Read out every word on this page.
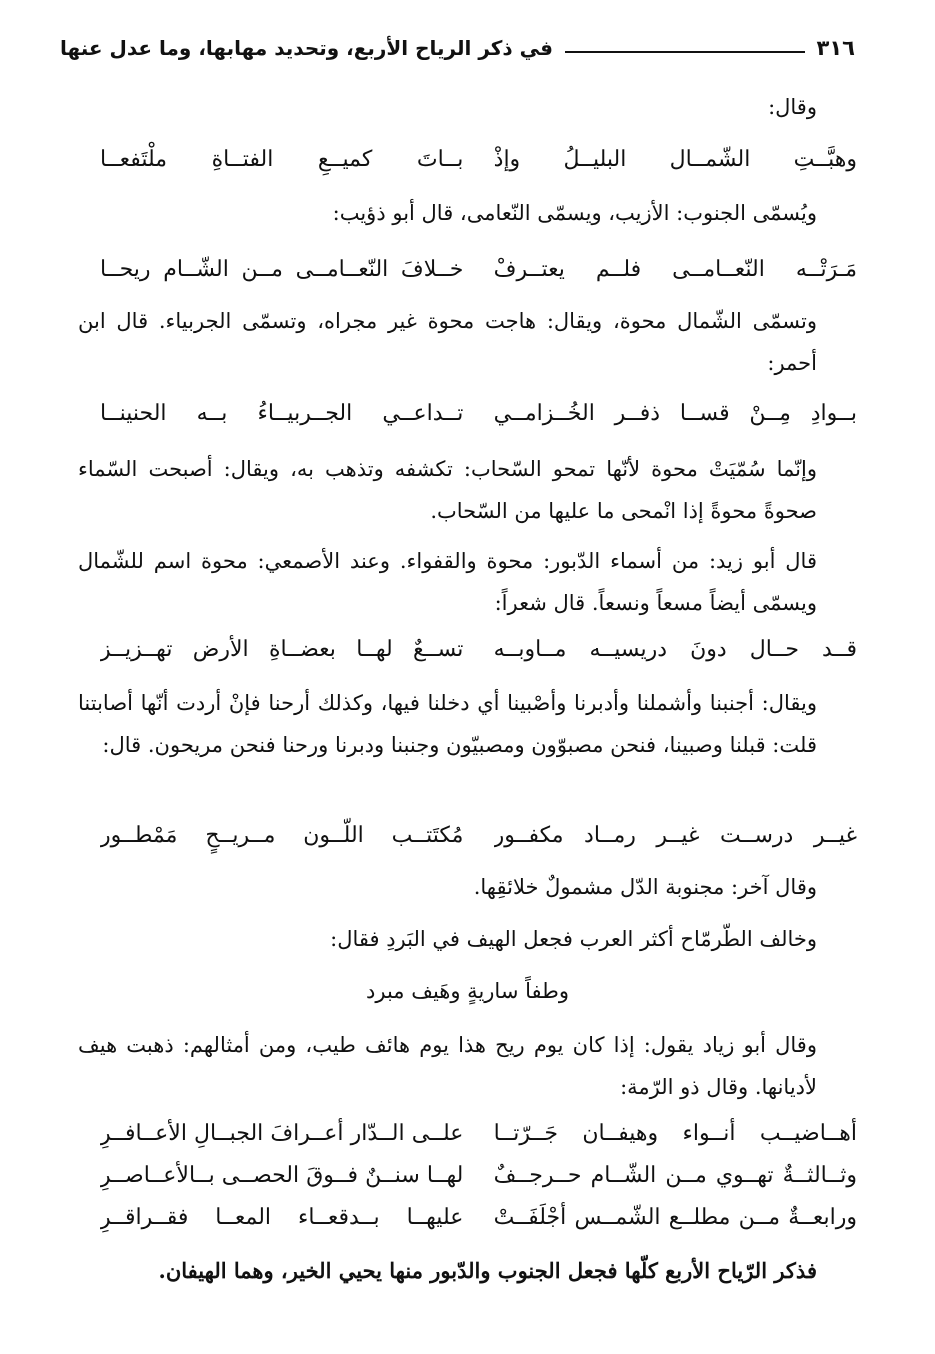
٣١٦
في ذكر الرياح الأربع، وتحديد مهابها، وما عدل عنها
وقال:
وهبَّــتِ الشّمــال البليــلُ وإذْ
بــاتَ كميــعِ الفتــاةِ ملْتَفعــا
ويُسمّى الجنوب: الأزيب، ويسمّى النّعامى، قال أبو ذؤيب:
مَـرَتْــه النّعــامــى فلــم يعتــرفْ
خــلافَ النّعــامــى مــن الشّــام ريحــا
وتسمّى الشّمال محوة، ويقال: هاجت محوة غير مجراه، وتسمّى الجربياء. قال ابن أحمر:
بــوادِ مِــنْ قســا ذفــر الخُــزامــي
تــداعــي الجــربيــاءُ بــه الحنينــا
وإنّما سُمّيَتْ محوة لأنّها تمحو السّحاب: تكشفه وتذهب به، ويقال: أصبحت السّماء صحوةً محوةً إذا انْمحى ما عليها من السّحاب.
قال أبو زيد: من أسماء الدّبور: محوة والقفواء. وعند الأصمعي: محوة اسم للشّمال ويسمّى أيضاً مسعاً ونسعاً. قال شعراً:
قــد حــال دونَ دريسيــه مــاوبــه
تســعٌ لهــا بعضــاةِ الأرض تهــزيــز
ويقال: أجنبنا وأشملنا وأدبرنا وأصْبينا أي دخلنا فيها، وكذلك أرحنا فإنْ أردت أنّها أصابتنا قلت: قبلنا وصبينا، فنحن مصبوّون ومصبيّون وجنبنا ودبرنا ورحنا فنحن مريحون. قال:
غيــر درســت غيــر رمــاد مكفــور
مُكتَتــب اللّــون مــريــحٍ مَمْطــور
وقال آخر: مجنوبة الدّل مشمولٌ خلائقِها.
وخالف الطّرمّاح أكثر العرب فجعل الهيف في البَردِ فقال:
وطفاً ساريةٍ وهَيف مبرد
وقال أبو زياد يقول: إذا كان يوم ريح هذا يوم هائف طيب، ومن أمثالهم: ذهبت هيف لأديانها. وقال ذو الرّمة:
أهــاضيــب أنــواء وهيفــان جَــرّتــا
علــى الــدّار أعــرافَ الجبــالِ الأعــافــرِ
وثــالثــةٌ تهــوي مــن الشّــام حــرجــفٌ
لهــا سنــنٌ فــوقَ الحصــى بــالأعــاصــرِ
ورابعــةٌ مــن مطلــع الشّمــس أجْلَفَــتْ
عليهــا بــدقعــاء المعــا فقــراقــرِ
فذكر الرّياح الأربع كلّها فجعل الجنوب والدّبور منها يحيي الخير، وهما الهيفان.
